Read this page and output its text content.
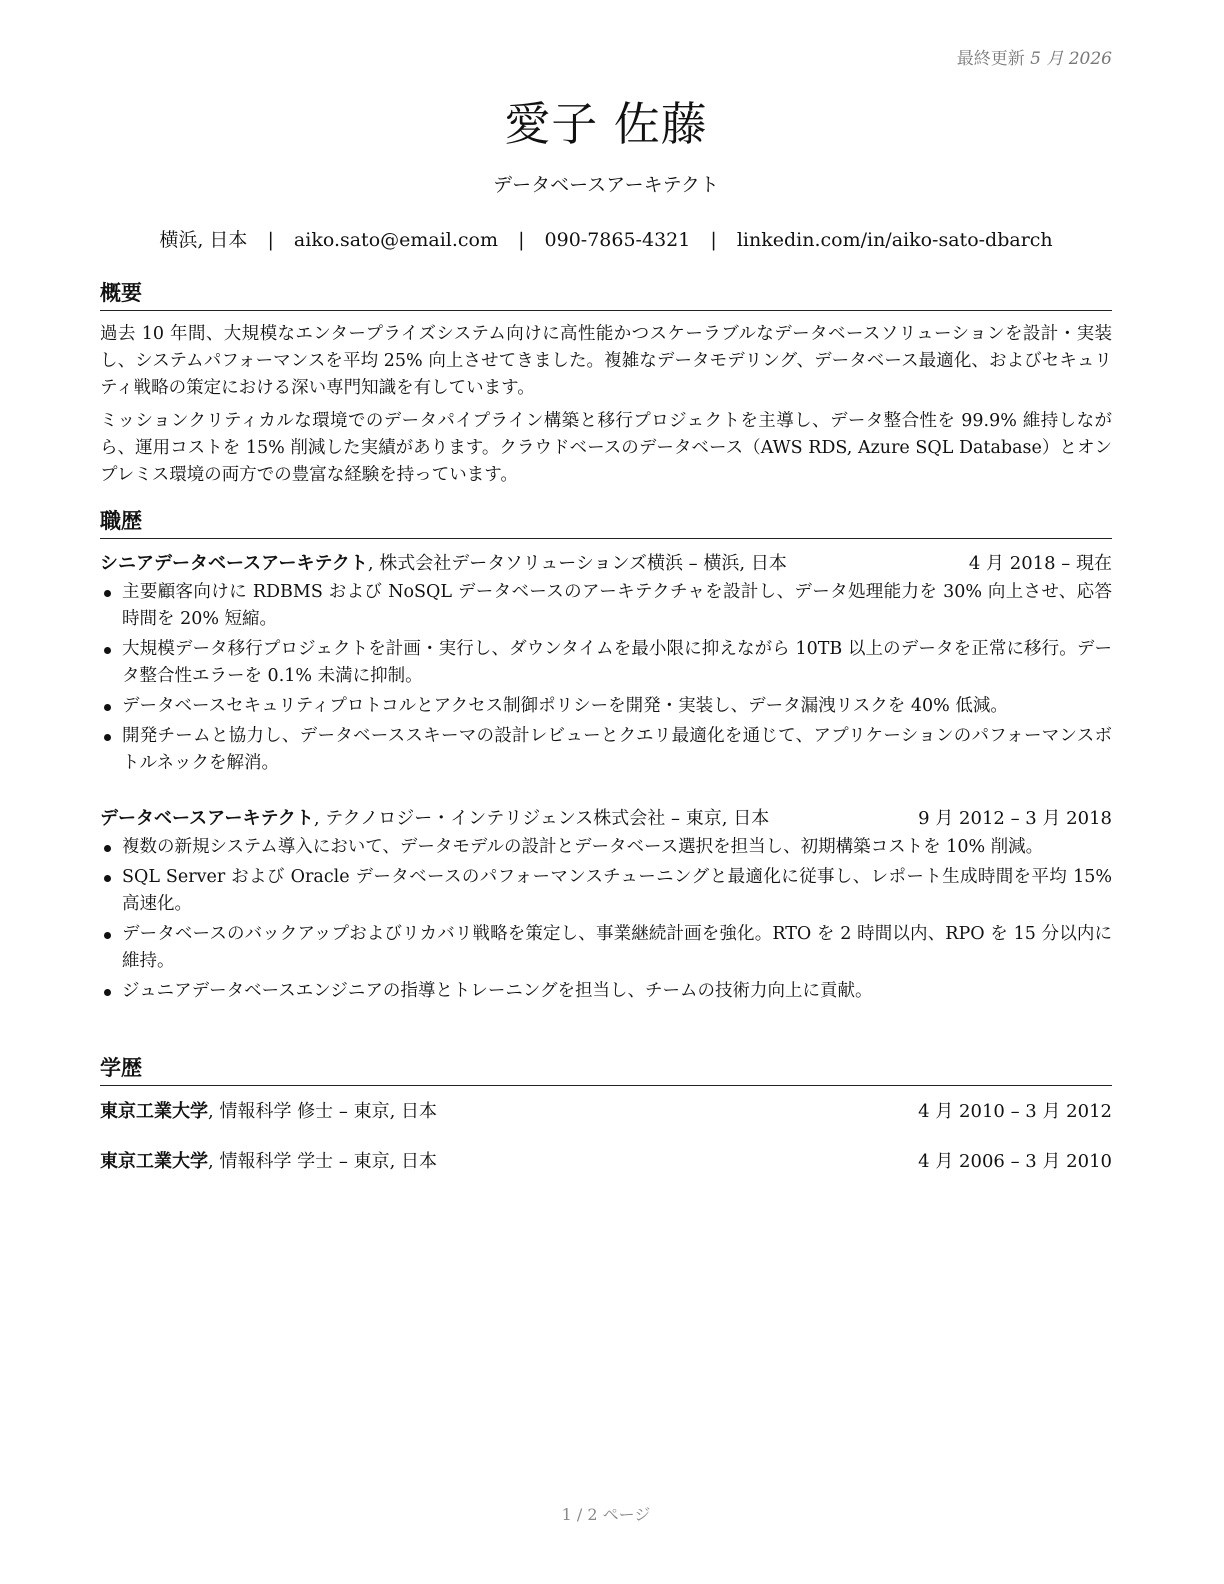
最終更新 5 月 2026
愛子 佐藤
データベースアーキテクト
横浜, 日本 | aiko.sato@email.com | 090-7865-4321 | linkedin.com/in/aiko-sato-dbarch
概要
過去 10 年間、大規模なエンタープライズシステム向けに高性能かつスケーラブルなデータベースソリューションを設計・実装し、システムパフォーマンスを平均 25% 向上させてきました。複雑なデータモデリング、データベース最適化、およびセキュリティ戦略の策定における深い専門知識を有しています。
ミッションクリティカルな環境でのデータパイプライン構築と移行プロジェクトを主導し、データ整合性を 99.9% 維持しながら、運用コストを 15% 削減した実績があります。クラウドベースのデータベース（AWS RDS, Azure SQL Database）とオンプレミス環境の両方での豊富な経験を持っています。
職歴
シニアデータベースアーキテクト, 株式会社データソリューションズ横浜 – 横浜, 日本	4 月 2018 – 現在
主要顧客向けに RDBMS および NoSQL データベースのアーキテクチャを設計し、データ処理能力を 30% 向上させ、応答時間を 20% 短縮。
大規模データ移行プロジェクトを計画・実行し、ダウンタイムを最小限に抑えながら 10TB 以上のデータを正常に移行。データ整合性エラーを 0.1% 未満に抑制。
データベースセキュリティプロトコルとアクセス制御ポリシーを開発・実装し、データ漏洩リスクを 40% 低減。
開発チームと協力し、データベーススキーマの設計レビューとクエリ最適化を通じて、アプリケーションのパフォーマンスボトルネックを解消。
データベースアーキテクト, テクノロジー・インテリジェンス株式会社 – 東京, 日本	9 月 2012 – 3 月 2018
複数の新規システム導入において、データモデルの設計とデータベース選択を担当し、初期構築コストを 10% 削減。
SQL Server および Oracle データベースのパフォーマンスチューニングと最適化に従事し、レポート生成時間を平均 15% 高速化。
データベースのバックアップおよびリカバリ戦略を策定し、事業継続計画を強化。RTO を 2 時間以内、RPO を 15 分以内に維持。
ジュニアデータベースエンジニアの指導とトレーニングを担当し、チームの技術力向上に貢献。
学歴
東京工業大学, 情報科学 修士 – 東京, 日本	4 月 2010 – 3 月 2012
東京工業大学, 情報科学 学士 – 東京, 日本	4 月 2006 – 3 月 2010
1 / 2 ページ
